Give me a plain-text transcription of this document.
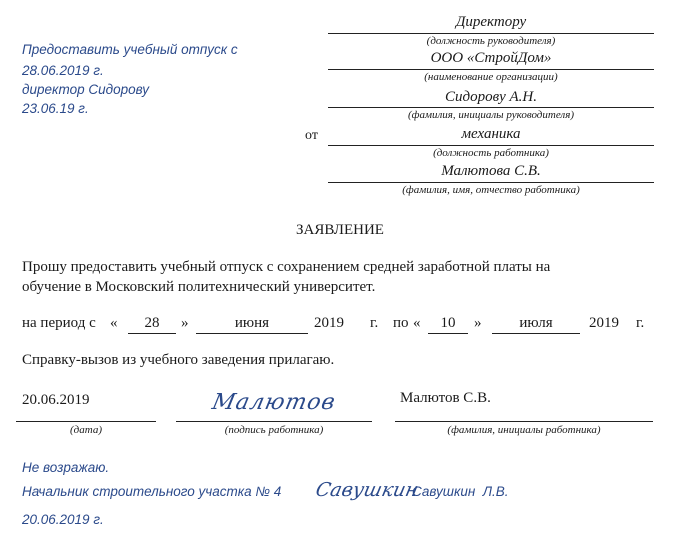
Предоставить учебный отпуск с
28.06.2019 г.
директор Сидорову
23.06.19 г.
Директору
(должность руководителя)
ООО «СтройДом»
(наименование организации)
Сидорову А.Н.
(фамилия, инициалы руководителя)
от	механика
(должность работника)
Малютова С.В.
(фамилия, имя, отчество работника)
ЗАЯВЛЕНИЕ
Прошу предоставить учебный отпуск с сохранением средней заработной платы на
обучение в Московский политехнический университет.
на период с «	28	»	июня	2019 г. по «	10	»	июля	2019 г.
Справку-вызов из учебного заведения прилагаю.
20.06.2019
(дата)
Малютов
(подпись работника)
Малютов С.В.
(фамилия, инициалы работника)
Не возражаю.
Начальник строительного участка № 4 Савушкин
Савушкин  Л.В.
20.06.2019 г.
